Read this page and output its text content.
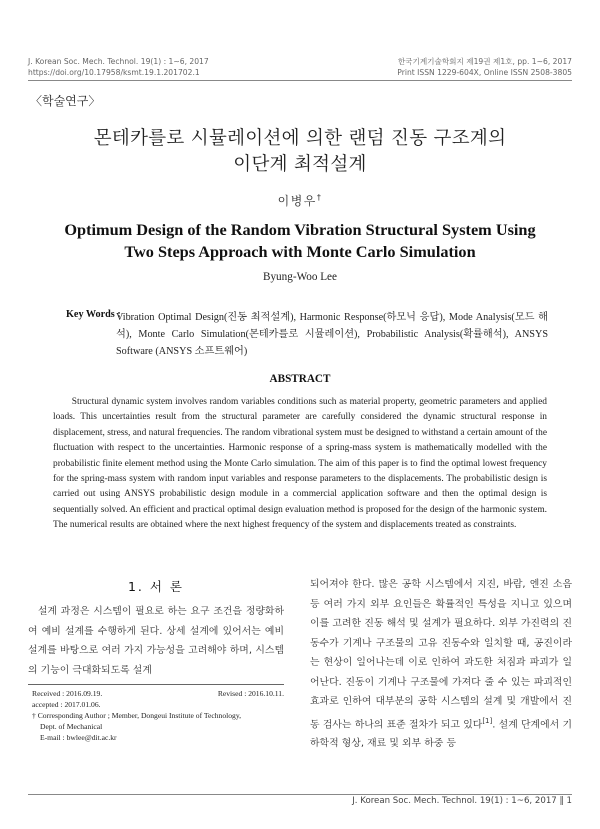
J. Korean Soc. Mech. Technol. 19(1) : 1~6, 2017
https://doi.org/10.17958/ksmt.19.1.201702.1
한국기계기술학회지 제19권 제1호, pp. 1~6, 2017
Print ISSN 1229-604X, Online ISSN 2508-3805
〈학술연구〉
몬테카를로 시뮬레이션에 의한 랜덤 진동 구조계의
이단계 최적설계
이병우†
Optimum Design of the Random Vibration Structural System Using
Two Steps Approach with Monte Carlo Simulation
Byung-Woo Lee
Key Words :
Vibration Optimal Design(진동 최적설계), Harmonic Response(하모닉 응답), Mode Analysis(모드 해석), Monte Carlo Simulation(몬테카를로 시뮬레이션), Probabilistic Analysis(확률해석), ANSYS Software (ANSYS 소프트웨어)
ABSTRACT
Structural dynamic system involves random variables conditions such as material property, geometric parameters and applied loads. This uncertainties result from the structural parameter are carefully considered the dynamic structural response in displacement, stress, and natural frequencies. The random vibrational system must be designed to withstand a certain amount of the fluctuation with respect to the uncertainties. Harmonic response of a spring-mass system is mathematically modelled with the probabilistic finite element method using the Monte Carlo simulation. The aim of this paper is to find the optimal lowest frequency for the spring-mass system with random input variables and response parameters to the displacements. The probabilistic design is carried out using ANSYS probabilistic design module in a commercial application software and then the optimal design is sequentially solved. An efficient and practical optimal design evaluation method is proposed for the design of the harmonic system. The numerical results are obtained where the next highest frequency of the system and displacements treated as constraints.
1. 서 론
설계 과정은 시스템이 필요로 하는 요구 조건을 정량화하여 예비 설계를 수행하게 된다. 상세 설계에 있어서는 예비 설계를 바탕으로 여러 가지 가능성을 고려해야 하며, 시스템의 기능이 극대화되도록 설계
되어져야 한다. 많은 공학 시스템에서 지진, 바람, 엔진 소음 등 여러 가지 외부 요인들은 확률적인 특성을 지니고 있으며 이를 고려한 진동 해석 및 설계가 필요하다. 외부 가진력의 진동수가 기계나 구조물의 고유 진동수와 일치할 때, 공진이라는 현상이 일어나는데 이로 인하여 과도한 처짐과 파괴가 일어난다. 진동이 기계나 구조물에 가져다 줄 수 있는 파괴적인 효과로 인하여 대부분의 공학 시스템의 설계 및 개발에서 진동 검사는 하나의 표준 절차가 되고 있다[1]. 설계 단계에서 기하학적 형상, 재료 및 외부 하중 등
Received : 2016.09.19.	Revised : 2016.10.11.
accepted : 2017.01.06.
† Corresponding Author ; Member, Dongeui Institute of Technology,
Dept. of Mechanical
E-mail : bwlee@dit.ac.kr
J. Korean Soc. Mech. Technol. 19(1) : 1~6, 2017 ‖ 1
